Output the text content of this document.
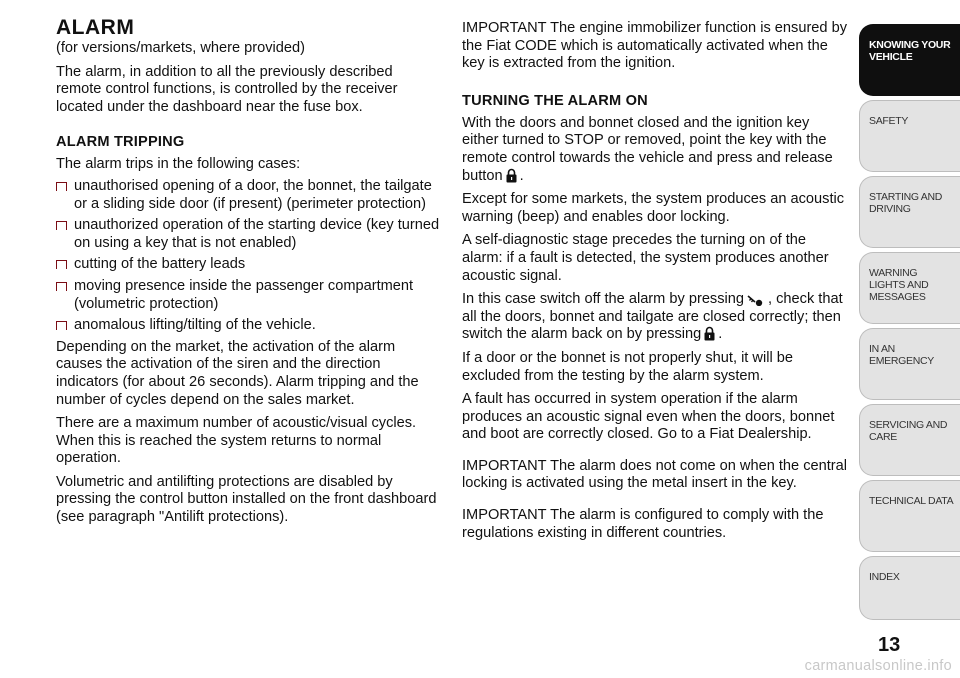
ALARM

(for versions/markets, where provided)

The alarm, in addition to all the previously described remote control functions, is controlled by the receiver located under the dashboard near the fuse box.

ALARM TRIPPING

The alarm trips in the following cases:

unauthorised opening of a door, the bonnet, the tailgate or a sliding side door (if present) (perimeter protection)
unauthorized operation of the starting device (key turned on using a key that is not enabled)
cutting of the battery leads
moving presence inside the passenger compartment (volumetric protection)
anomalous lifting/tilting of the vehicle.

Depending on the market, the activation of the alarm causes the activation of the siren and the direction indicators (for about 26 seconds). Alarm tripping and the number of cycles depend on the sales market.

There are a maximum number of acoustic/visual cycles. When this is reached the system returns to normal operation.

Volumetric and antilifting protections are disabled by pressing the control button installed on the front dashboard (see paragraph "Antilift protections).

IMPORTANT The engine immobilizer function is ensured by the Fiat CODE which is automatically activated when the key is extracted from the ignition.

TURNING THE ALARM ON

With the doors and bonnet closed and the ignition key either turned to STOP or removed, point the key with the remote control towards the vehicle and press and release button .

Except for some markets, the system produces an acoustic warning (beep) and enables door locking.

A self-diagnostic stage precedes the turning on of the alarm: if a fault is detected, the system produces another acoustic signal.

In this case switch off the alarm by pressing , check that all the doors, bonnet and tailgate are closed correctly; then switch the alarm back on by pressing .

If a door or the bonnet is not properly shut, it will be excluded from the testing by the alarm system.

A fault has occurred in system operation if the alarm produces an acoustic signal even when the doors, bonnet and boot are correctly closed. Go to a Fiat Dealership.

IMPORTANT The alarm does not come on when the central locking is activated using the metal insert in the key.

IMPORTANT The alarm is configured to comply with the regulations existing in different countries.

KNOWING YOUR VEHICLE
SAFETY
STARTING AND DRIVING
WARNING LIGHTS AND MESSAGES
IN AN EMERGENCY
SERVICING AND CARE
TECHNICAL DATA
INDEX
13
carmanualsonline.info
